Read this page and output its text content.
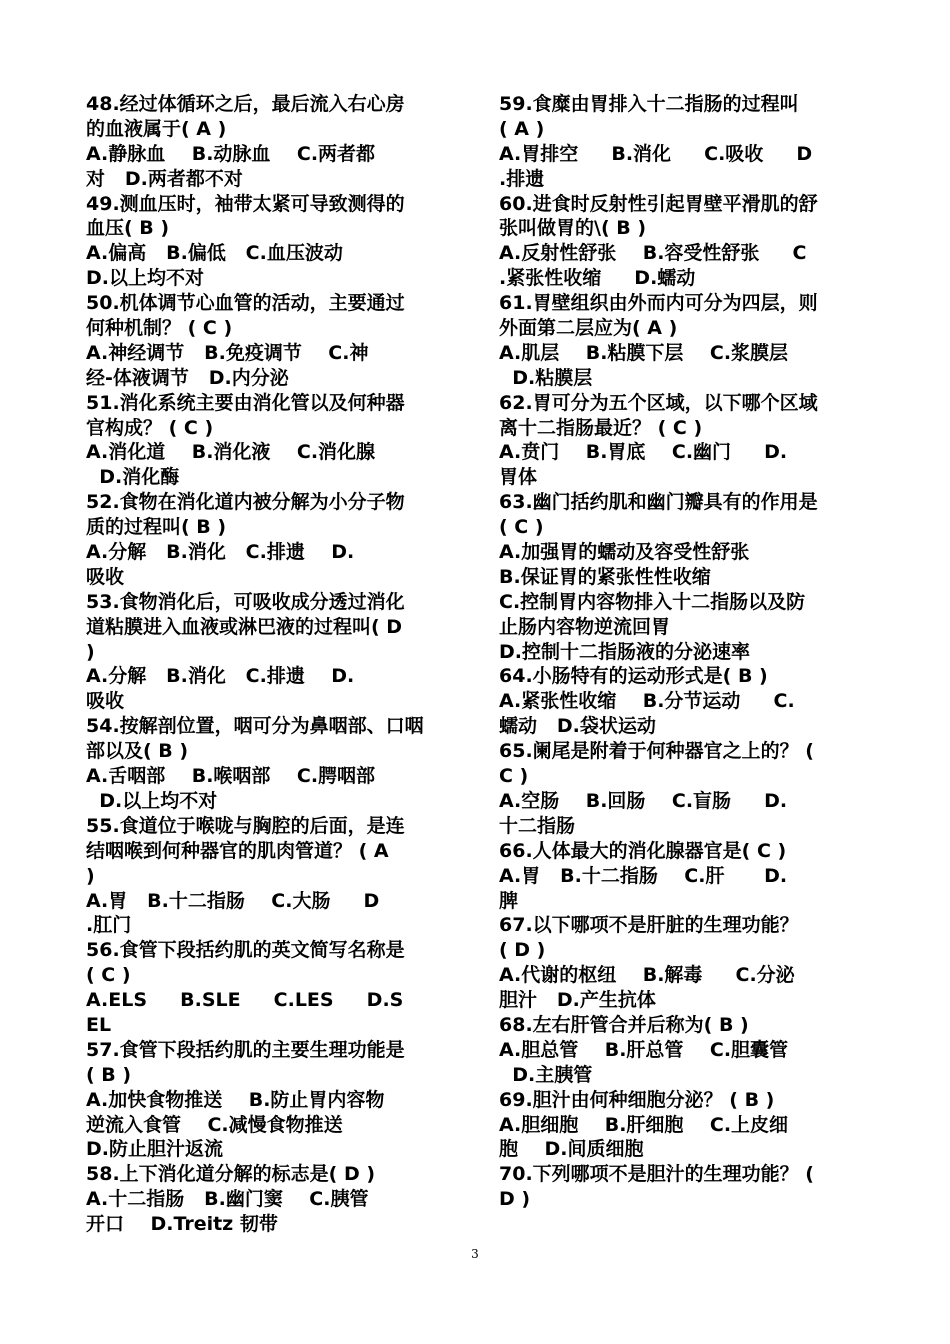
48.经过体循环之后，最后流入右心房
的血液属于( A )
A.静脉血    B.动脉血    C.两者都
对   D.两者都不对
49.测血压时，袖带太紧可导致测得的
血压( B )
A.偏高   B.偏低   C.血压波动
D.以上均不对
50.机体调节心血管的活动，主要通过
何种机制？ ( C )
A.神经调节   B.免疫调节    C.神
经-体液调节   D.内分泌
51.消化系统主要由消化管以及何种器
官构成？ ( C )
A.消化道    B.消化液    C.消化腺
D.消化酶
52.食物在消化道内被分解为小分子物
质的过程叫( B )
A.分解   B.消化   C.排遗    D.
吸收
53.食物消化后，可吸收成分透过消化
道粘膜进入血液或淋巴液的过程叫( D
)
A.分解   B.消化   C.排遗    D.
吸收
54.按解剖位置，咽可分为鼻咽部、口咽
部以及( B )
A.舌咽部    B.喉咽部    C.腭咽部
D.以上均不对
55.食道位于喉咙与胸腔的后面，是连
结咽喉到何种器官的肌肉管道？ ( A
)
A.胃   B.十二指肠    C.大肠     D
.肛门
56.食管下段括约肌的英文简写名称是
( C )
A.ELS     B.SLE     C.LES     D.S
EL
57.食管下段括约肌的主要生理功能是
( B )
A.加快食物推送    B.防止胃内容物
逆流入食管    C.减慢食物推送
D.防止胆汁返流
58.上下消化道分解的标志是( D )
A.十二指肠   B.幽门窦    C.胰管
开口    D.Treitz 韧带
59.食糜由胃排入十二指肠的过程叫
( A )
A.胃排空     B.消化     C.吸收     D
.排遗
60.进食时反射性引起胃壁平滑肌的舒
张叫做胃的\( B )
A.反射性舒张    B.容受性舒张     C
.紧张性收缩     D.蠕动
61.胃壁组织由外而内可分为四层，则
外面第二层应为( A )
A.肌层    B.粘膜下层    C.浆膜层
D.粘膜层
62.胃可分为五个区域，以下哪个区域
离十二指肠最近？ ( C )
A.贲门    B.胃底    C.幽门     D.
胃体
63.幽门括约肌和幽门瓣具有的作用是
( C )
A.加强胃的蠕动及容受性舒张
B.保证胃的紧张性性收缩
C.控制胃内容物排入十二指肠以及防
止肠内容物逆流回胃
D.控制十二指肠液的分泌速率
64.小肠特有的运动形式是( B )
A.紧张性收缩    B.分节运动     C.
蠕动   D.袋状运动
65.阑尾是附着于何种器官之上的？ (
C )
A.空肠    B.回肠    C.盲肠     D.
十二指肠
66.人体最大的消化腺器官是( C )
A.胃   B.十二指肠    C.肝      D.
脾
67.以下哪项不是肝脏的生理功能？
( D )
A.代谢的枢纽    B.解毒     C.分泌
胆汁   D.产生抗体
68.左右肝管合并后称为( B )
A.胆总管    B.肝总管    C.胆囊管
D.主胰管
69.胆汁由何种细胞分泌？ ( B )
A.胆细胞    B.肝细胞    C.上皮细
胞    D.间质细胞
70.下列哪项不是胆汁的生理功能？ (
D )
3
